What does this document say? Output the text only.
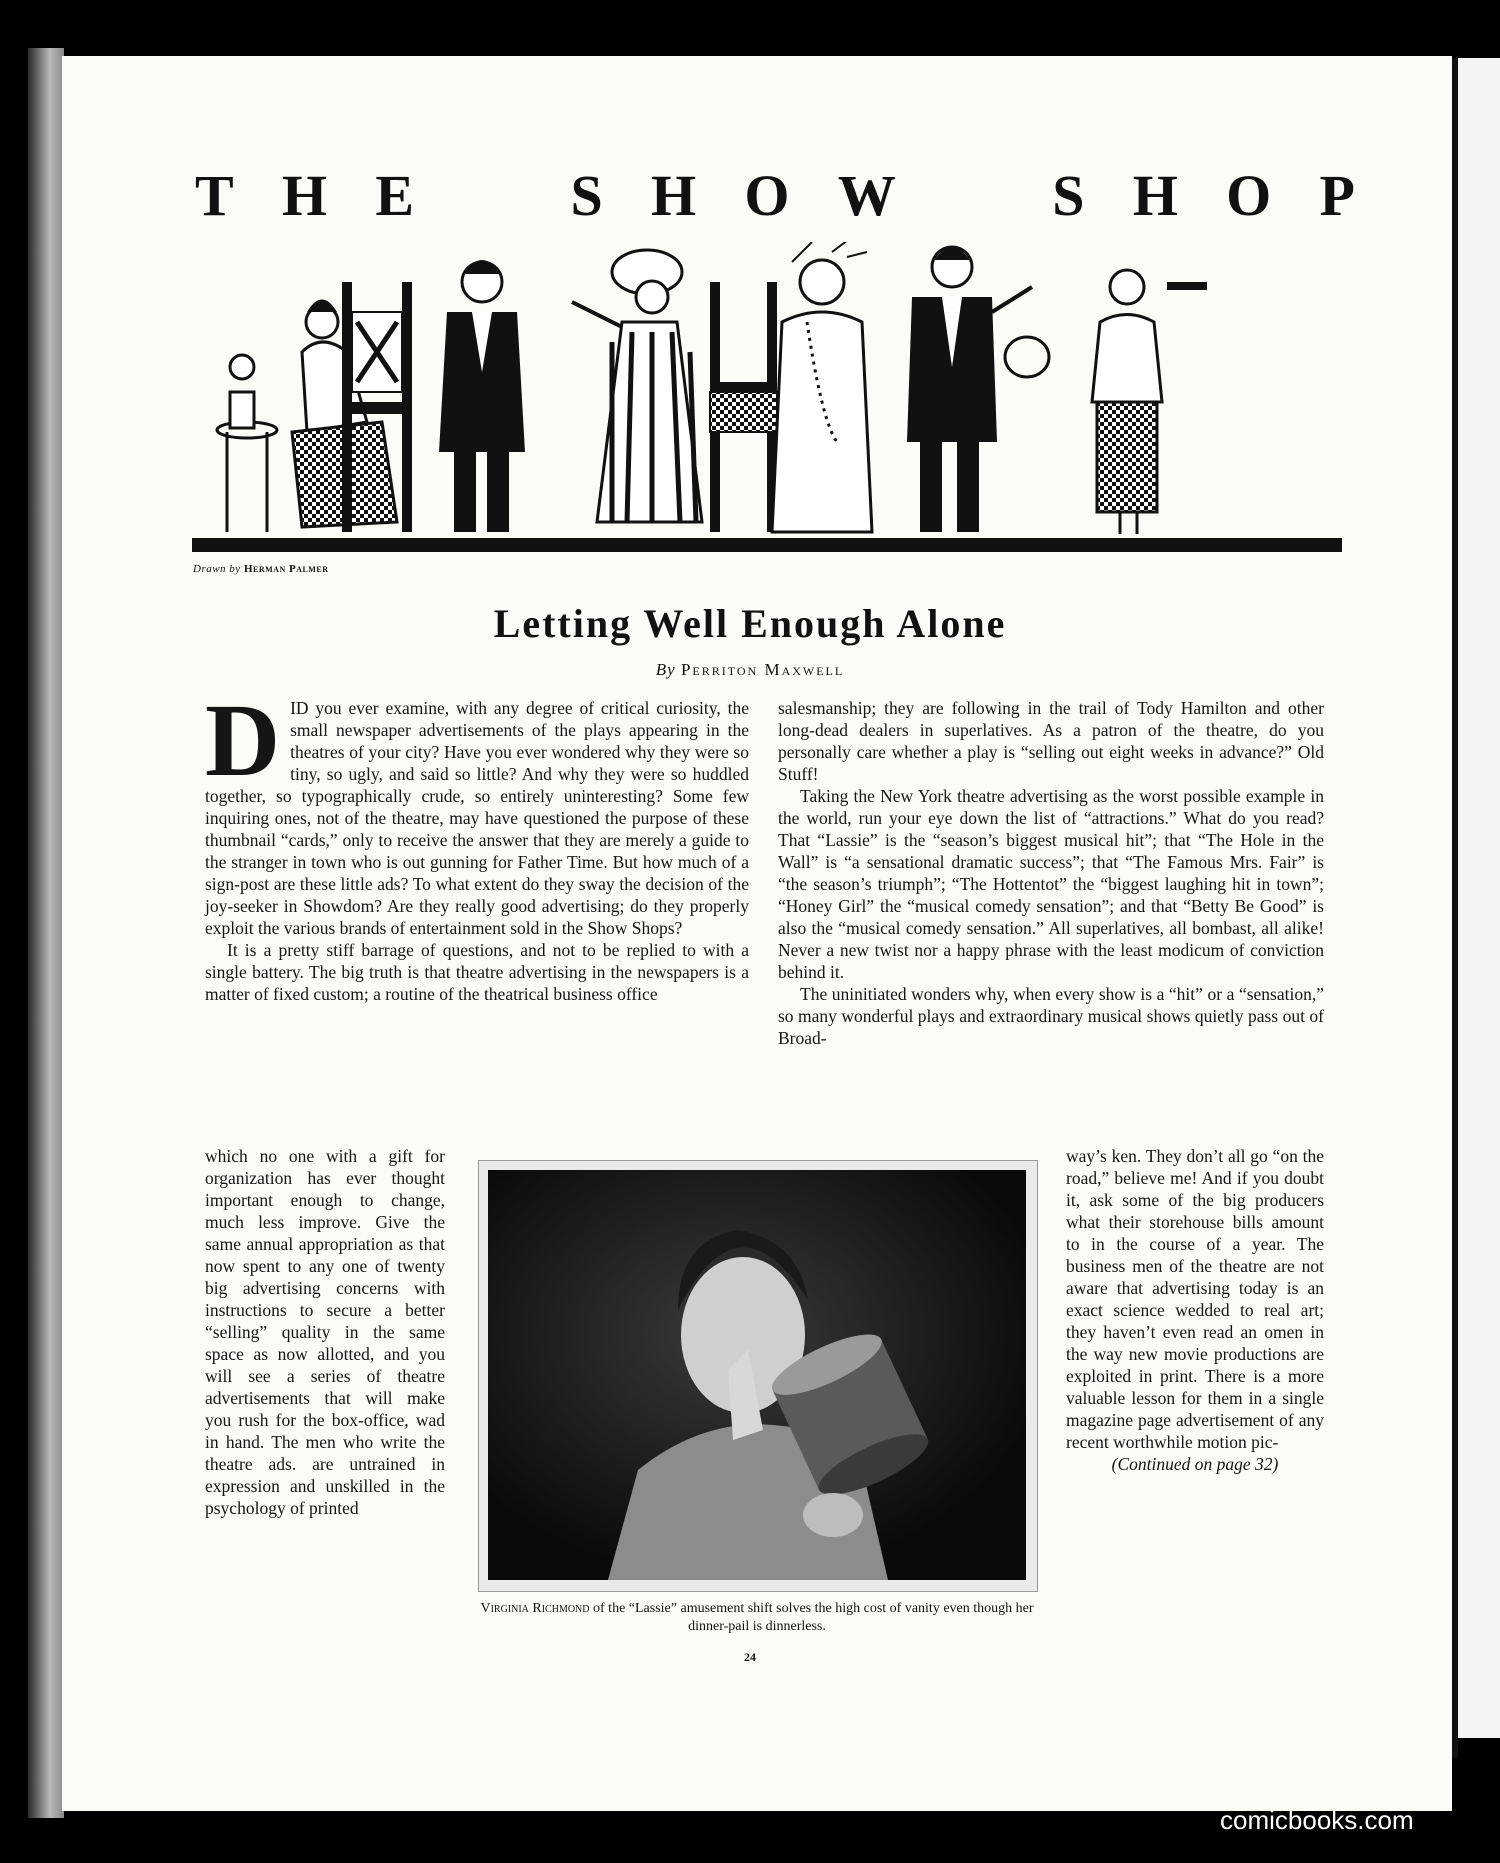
T H E	S H O W	S H O P
Drawn by Herman Palmer
Letting Well Enough Alone
By Perriton Maxwell

DID you ever examine, with any degree of critical curiosity, the small newspaper advertisements of the plays appearing in the theatres of your city? Have you ever wondered why they were so tiny, so ugly, and said so little? And why they were so huddled together, so typographically crude, so entirely uninteresting? Some few inquiring ones, not of the theatre, may have questioned the purpose of these thumbnail “cards,” only to receive the answer that they are merely a guide to the stranger in town who is out gunning for Father Time. But how much of a sign-post are these little ads? To what extent do they sway the decision of the joy-seeker in Showdom? Are they really good advertising; do they properly exploit the various brands of entertainment sold in the Show Shops?

It is a pretty stiff barrage of questions, and not to be replied to with a single battery. The big truth is that theatre advertising in the newspapers is a matter of fixed custom; a routine of the theatrical business office

which no one with a gift for organization has ever thought important enough to change, much less improve. Give the same annual appropriation as that now spent to any one of twenty big advertising concerns with instructions to secure a better “selling” quality in the same space as now allotted, and you will see a series of theatre advertisements that will make you rush for the box-office, wad in hand. The men who write the theatre ads. are untrained in expression and unskilled in the psychology of printed

salesmanship; they are following in the trail of Tody Hamilton and other long-dead dealers in superlatives. As a patron of the theatre, do you personally care whether a play is “selling out eight weeks in advance?” Old Stuff!

Taking the New York theatre advertising as the worst possible example in the world, run your eye down the list of “attractions.” What do you read? That “Lassie” is the “season’s biggest musical hit”; that “The Hole in the Wall” is “a sensational dramatic success”; that “The Famous Mrs. Fair” is “the season’s triumph”; “The Hottentot” the “biggest laughing hit in town”; “Honey Girl” the “musical comedy sensation”; and that “Betty Be Good” is also the “musical comedy sensation.” All superlatives, all bombast, all alike! Never a new twist nor a happy phrase with the least modicum of conviction behind it.

The uninitiated wonders why, when every show is a “hit” or a “sensation,” so many wonderful plays and extraordinary musical shows quietly pass out of Broad-

way’s ken. They don’t all go “on the road,” believe me! And if you doubt it, ask some of the big producers what their storehouse bills amount to in the course of a year. The business men of the theatre are not aware that advertising today is an exact science wedded to real art; they haven’t even read an omen in the way new movie productions are exploited in print. There is a more valuable lesson for them in a single magazine page advertisement of any recent worthwhile motion pic-

(Continued on page 32)
Virginia Richmond of the “Lassie” amusement shift solves the high cost of vanity even though her dinner-pail is dinnerless.
24
comicbooks.com
